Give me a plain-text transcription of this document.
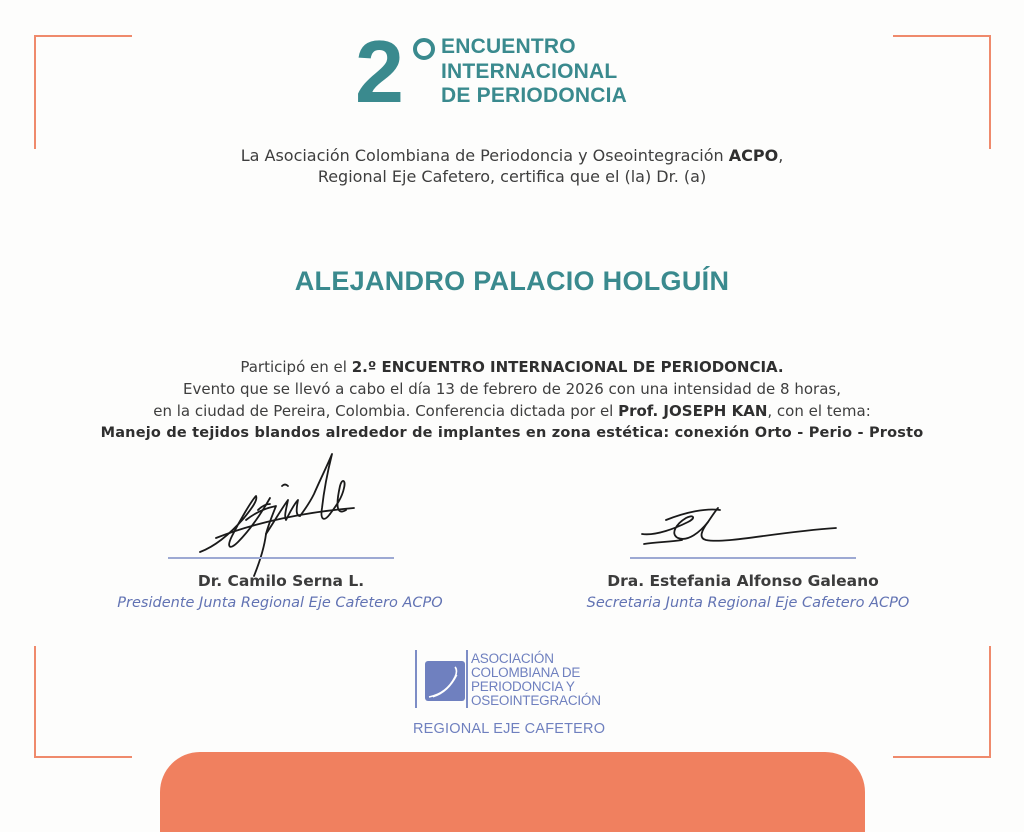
2 ENCUENTRO
INTERNACIONAL
DE PERIODONCIA
La Asociación Colombiana de Periodoncia y Oseointegración ACPO,
Regional Eje Cafetero, certifica que el (la) Dr. (a)
ALEJANDRO PALACIO HOLGUÍN
Participó en el 2.º ENCUENTRO INTERNACIONAL DE PERIODONCIA.
Evento que se llevó a cabo el día 13 de febrero de 2026 con una intensidad de 8 horas,
en la ciudad de Pereira, Colombia. Conferencia dictada por el Prof. JOSEPH KAN, con el tema:
Manejo de tejidos blandos alrededor de implantes en zona estética: conexión Orto - Perio - Prosto
Dr. Camilo Serna L.
Presidente Junta Regional Eje Cafetero ACPO
Dra. Estefania Alfonso Galeano
Secretaria Junta Regional Eje Cafetero ACPO
ASOCIACIÓN
COLOMBIANA DE
PERIODONCIA Y
OSEOINTEGRACIÓN
REGIONAL EJE CAFETERO
